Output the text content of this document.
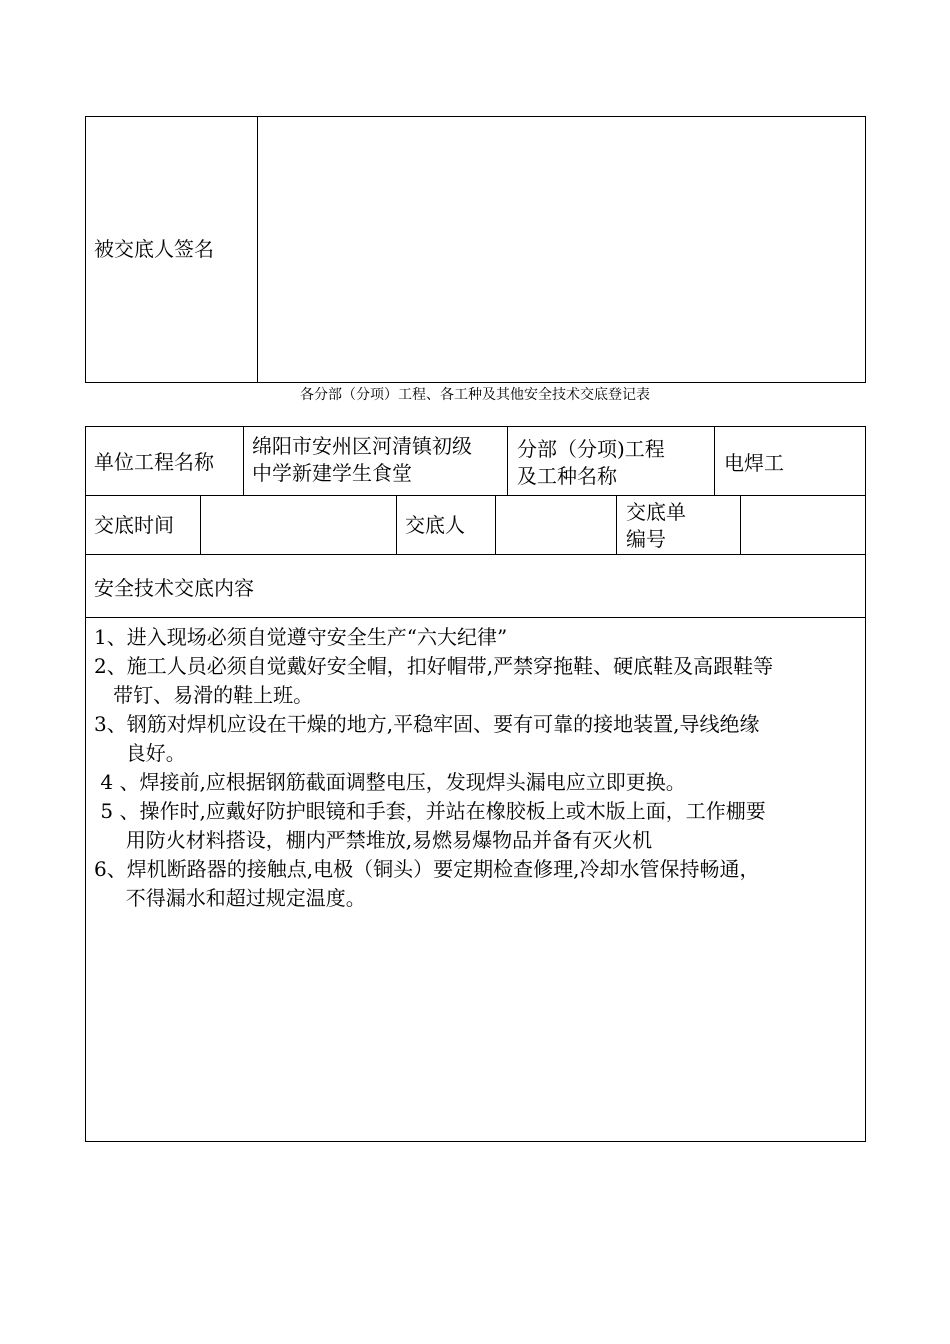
被交底人签名
各分部（分项）工程、各工种及其他安全技术交底登记表
单位工程名称
绵阳市安州区河清镇初级
中学新建学生食堂
分部（分项)工程
及工种名称
电焊工
交底时间	交底人
交底单
编号
安全技术交底内容

1、进入现场必须自觉遵守安全生产“六大纪律”

2、施工人员必须自觉戴好安全帽，扣好帽带,严禁穿拖鞋、硬底鞋及高跟鞋等

带钉、易滑的鞋上班。

3、钢筋对焊机应设在干燥的地方,平稳牢固、要有可靠的接地装置,导线绝缘

良好。

4 、焊接前,应根据钢筋截面调整电压，发现焊头漏电应立即更换。

5 、操作时,应戴好防护眼镜和手套，并站在橡胶板上或木版上面，工作棚要

用防火材料搭设，棚内严禁堆放,易燃易爆物品并备有灭火机

6、焊机断路器的接触点,电极（铜头）要定期检查修理,冷却水管保持畅通，

不得漏水和超过规定温度。
